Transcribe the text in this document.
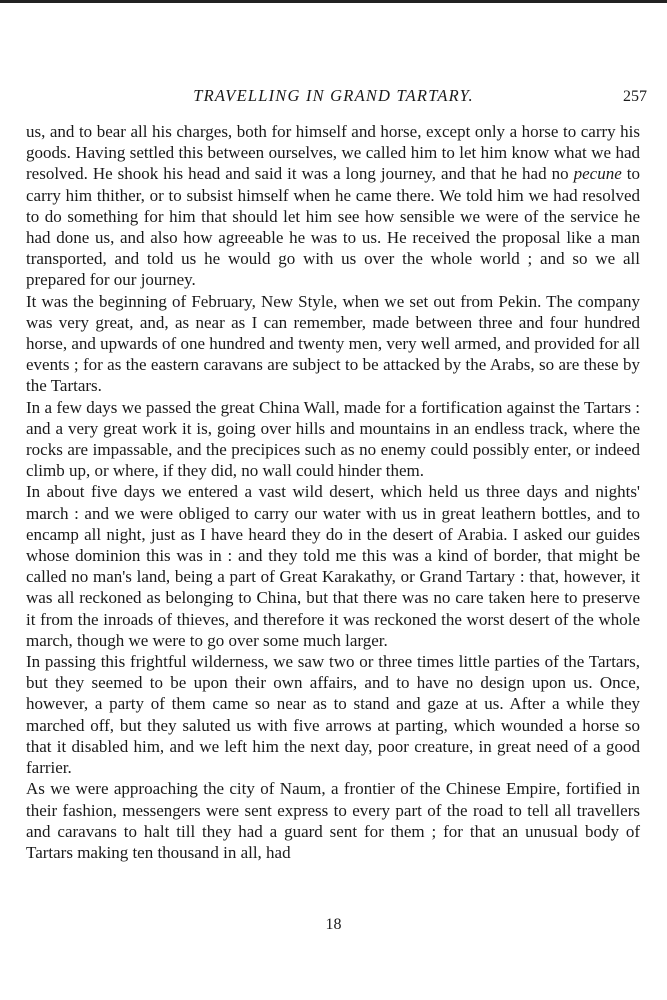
TRAVELLING IN GRAND TARTARY.	257

us, and to bear all his charges, both for himself and horse, except only a horse to carry his goods. Having settled this between ourselves, we called him to let him know what we had resolved. He shook his head and said it was a long journey, and that he had no pecune to carry him thither, or to subsist himself when he came there. We told him we had resolved to do something for him that should let him see how sensible we were of the service he had done us, and also how agreeable he was to us. He received the proposal like a man transported, and told us he would go with us over the whole world ; and so we all prepared for our journey.

It was the beginning of February, New Style, when we set out from Pekin. The company was very great, and, as near as I can remember, made between three and four hundred horse, and upwards of one hundred and twenty men, very well armed, and provided for all events ; for as the eastern caravans are subject to be attacked by the Arabs, so are these by the Tartars.

In a few days we passed the great China Wall, made for a fortification against the Tartars : and a very great work it is, going over hills and mountains in an endless track, where the rocks are impassable, and the precipices such as no enemy could possibly enter, or indeed climb up, or where, if they did, no wall could hinder them.

In about five days we entered a vast wild desert, which held us three days and nights' march : and we were obliged to carry our water with us in great leathern bottles, and to encamp all night, just as I have heard they do in the desert of Arabia. I asked our guides whose dominion this was in : and they told me this was a kind of border, that might be called no man's land, being a part of Great Karakathy, or Grand Tartary : that, however, it was all reckoned as belonging to China, but that there was no care taken here to preserve it from the inroads of thieves, and therefore it was reckoned the worst desert of the whole march, though we were to go over some much larger.

In passing this frightful wilderness, we saw two or three times little parties of the Tartars, but they seemed to be upon their own affairs, and to have no design upon us. Once, however, a party of them came so near as to stand and gaze at us. After a while they marched off, but they saluted us with five arrows at parting, which wounded a horse so that it disabled him, and we left him the next day, poor creature, in great need of a good farrier.

As we were approaching the city of Naum, a frontier of the Chinese Empire, fortified in their fashion, messengers were sent express to every part of the road to tell all travellers and caravans to halt till they had a guard sent for them ; for that an unusual body of Tartars making ten thousand in all, had

18
